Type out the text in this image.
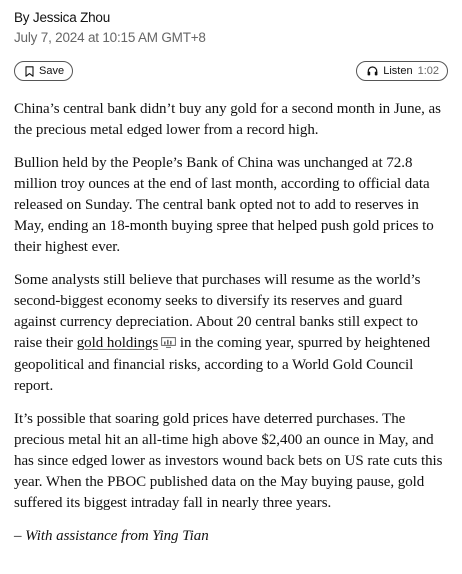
By Jessica Zhou
July 7, 2024 at 10:15 AM GMT+8
Save	Listen 1:02

China’s central bank didn’t buy any gold for a second month in June, as the precious metal edged lower from a record high.

Bullion held by the People’s Bank of China was unchanged at 72.8 million troy ounces at the end of last month, according to official data released on Sunday. The central bank opted not to add to reserves in May, ending an 18-month buying spree that helped push gold prices to their highest ever.

Some analysts still believe that purchases will resume as the world’s second-biggest economy seeks to diversify its reserves and guard against currency depreciation. About 20 central banks still expect to raise their gold holdings in the coming year, spurred by heightened geopolitical and financial risks, according to a World Gold Council report.

It’s possible that soaring gold prices have deterred purchases. The precious metal hit an all-time high above $2,400 an ounce in May, and has since edged lower as investors wound back bets on US rate cuts this year. When the PBOC published data on the May buying pause, gold suffered its biggest intraday fall in nearly three years.

– With assistance from Ying Tian
